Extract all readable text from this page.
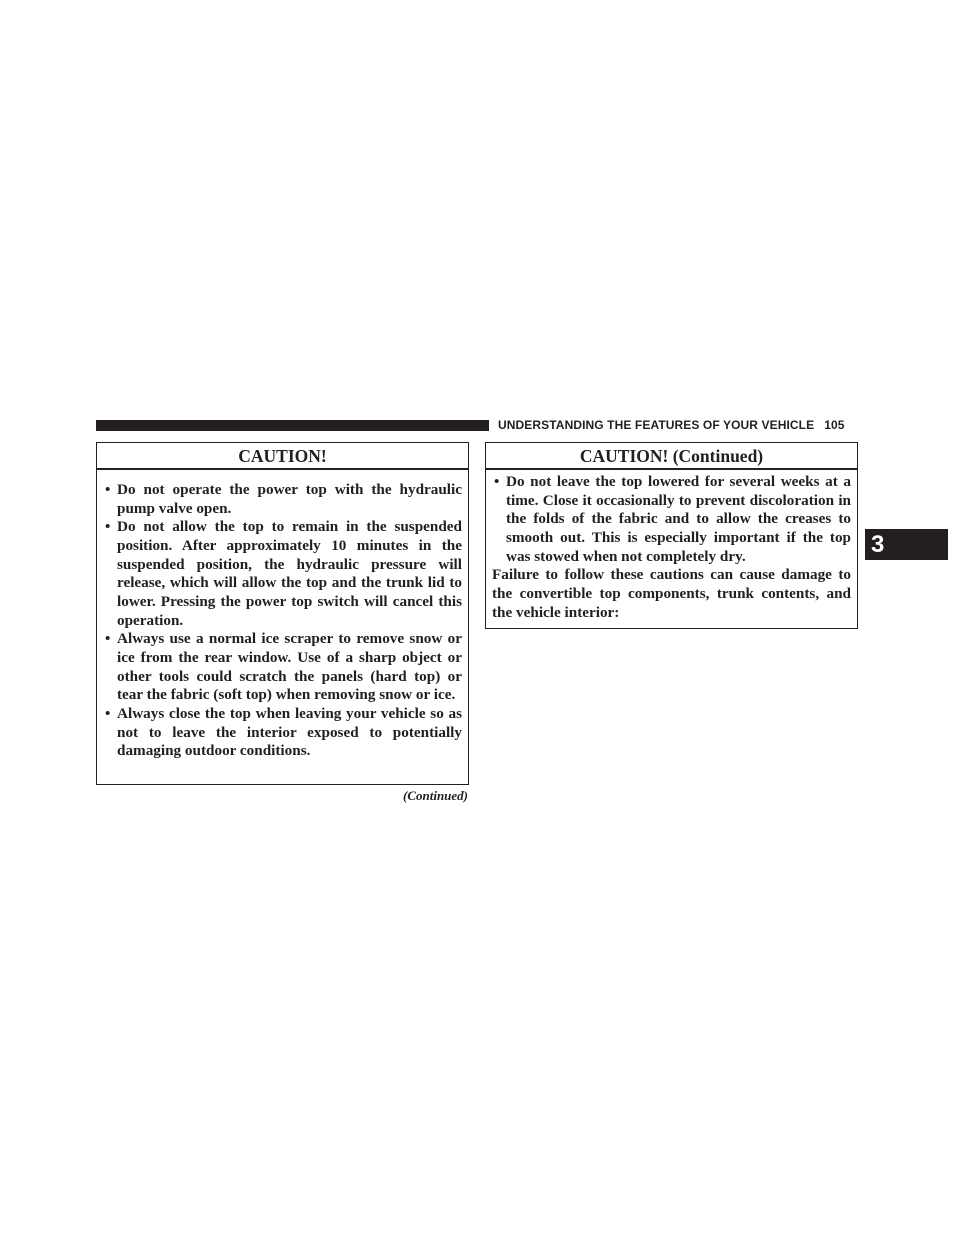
UNDERSTANDING THE FEATURES OF YOUR VEHICLE 105
3
CAUTION!
• Do not operate the power top with the hydraulic pump valve open.
• Do not allow the top to remain in the suspended position. After approximately 10 minutes in the suspended position, the hydraulic pressure will release, which will allow the top and the trunk lid to lower. Pressing the power top switch will cancel this operation.
• Always use a normal ice scraper to remove snow or ice from the rear window. Use of a sharp object or other tools could scratch the panels (hard top) or tear the fabric (soft top) when removing snow or ice.
• Always close the top when leaving your vehicle so as not to leave the interior exposed to potentially damaging outdoor conditions.
(Continued)
CAUTION! (Continued)
• Do not leave the top lowered for several weeks at a time. Close it occasionally to prevent discoloration in the folds of the fabric and to allow the creases to smooth out. This is especially important if the top was stowed when not completely dry.

Failure to follow these cautions can cause damage to the convertible top components, trunk contents, and the vehicle interior:
